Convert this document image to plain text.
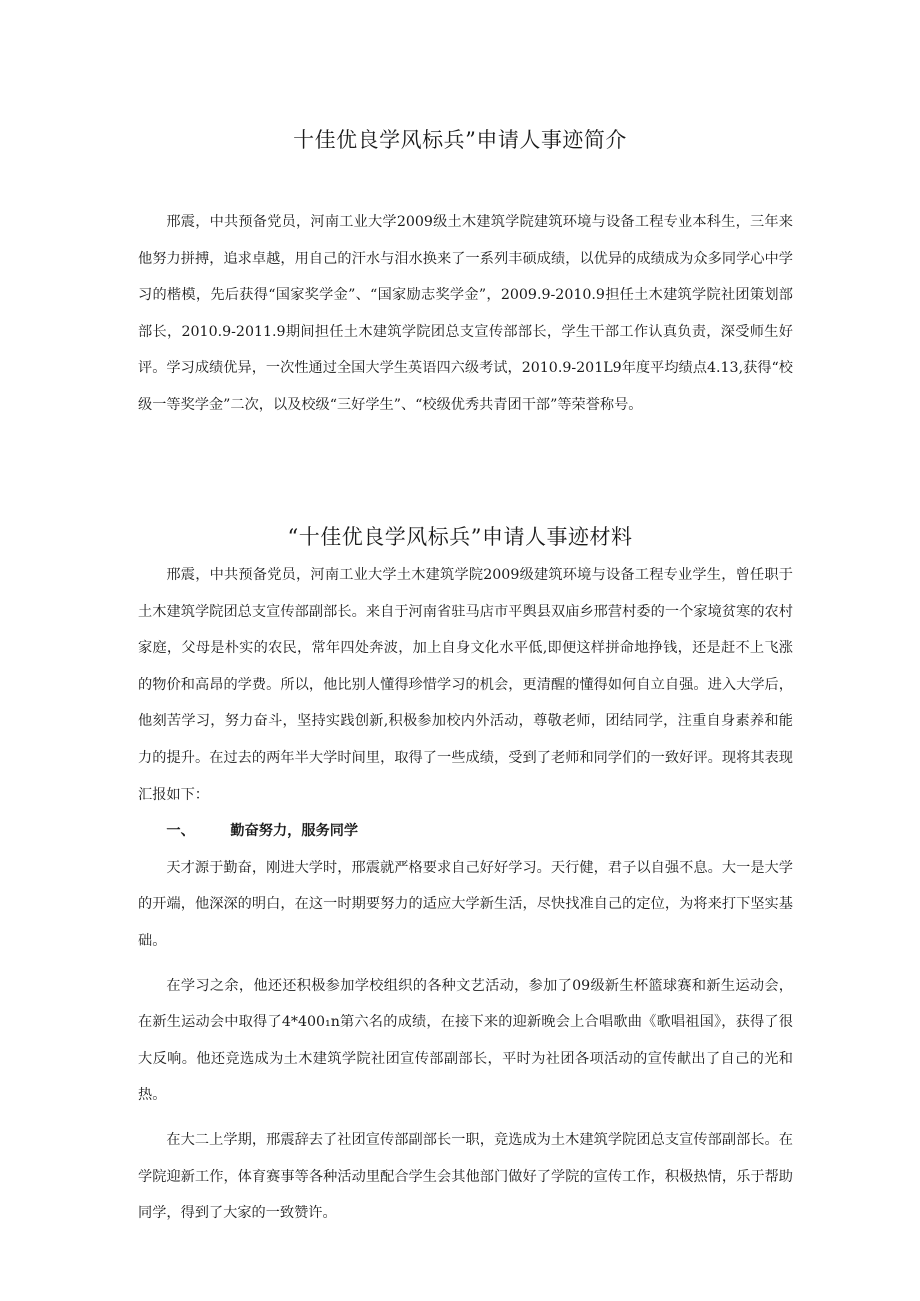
十佳优良学风标兵”申请人事迹简介

邢震，中共预备党员，河南工业大学2009级土木建筑学院建筑环境与设备工程专业本科生，三年来他努力拼搏，追求卓越，用自己的汗水与泪水换来了一系列丰硕成绩，以优异的成绩成为众多同学心中学习的楷模，先后获得“国家奖学金”、“国家励志奖学金”，2009.9-2010.9担任土木建筑学院社团策划部部长，2010.9-2011.9期间担任土木建筑学院团总支宣传部部长，学生干部工作认真负责，深受师生好评。学习成绩优异，一次性通过全国大学生英语四六级考试，2010.9-201L9年度平均绩点4.13,获得“校级一等奖学金”二次，以及校级“三好学生”、“校级优秀共青团干部”等荣誉称号。

“十佳优良学风标兵”申请人事迹材料

邢震，中共预备党员，河南工业大学土木建筑学院2009级建筑环境与设备工程专业学生，曾任职于土木建筑学院团总支宣传部副部长。来自于河南省驻马店市平舆县双庙乡邢营村委的一个家境贫寒的农村家庭，父母是朴实的农民，常年四处奔波，加上自身文化水平低,即便这样拼命地挣钱，还是赶不上飞涨的物价和高昂的学费。所以，他比别人懂得珍惜学习的机会，更清醒的懂得如何自立自强。进入大学后，他刻苦学习，努力奋斗，坚持实践创新,积极参加校内外活动，尊敬老师，团结同学，注重自身素养和能力的提升。在过去的两年半大学时间里，取得了一些成绩，受到了老师和同学们的一致好评。现将其表现汇报如下：

一、	勤奋努力，服务同学

天才源于勤奋，刚进大学时，邢震就严格要求自己好好学习。天行健，君子以自强不息。大一是大学的开端，他深深的明白，在这一时期要努力的适应大学新生活，尽快找准自己的定位，为将来打下坚实基础。

在学习之余，他还还积极参加学校组织的各种文艺活动，参加了09级新生杯篮球赛和新生运动会，在新生运动会中取得了4*400₁n第六名的成绩，在接下来的迎新晚会上合唱歌曲《歌唱祖国》，获得了很大反响。他还竞选成为土木建筑学院社团宣传部副部长，平时为社团各项活动的宣传献出了自己的光和热。

在大二上学期，邢震辞去了社团宣传部副部长一职，竞选成为土木建筑学院团总支宣传部副部长。在学院迎新工作，体育赛事等各种活动里配合学生会其他部门做好了学院的宣传工作，积极热情，乐于帮助同学，得到了大家的一致赞许。
